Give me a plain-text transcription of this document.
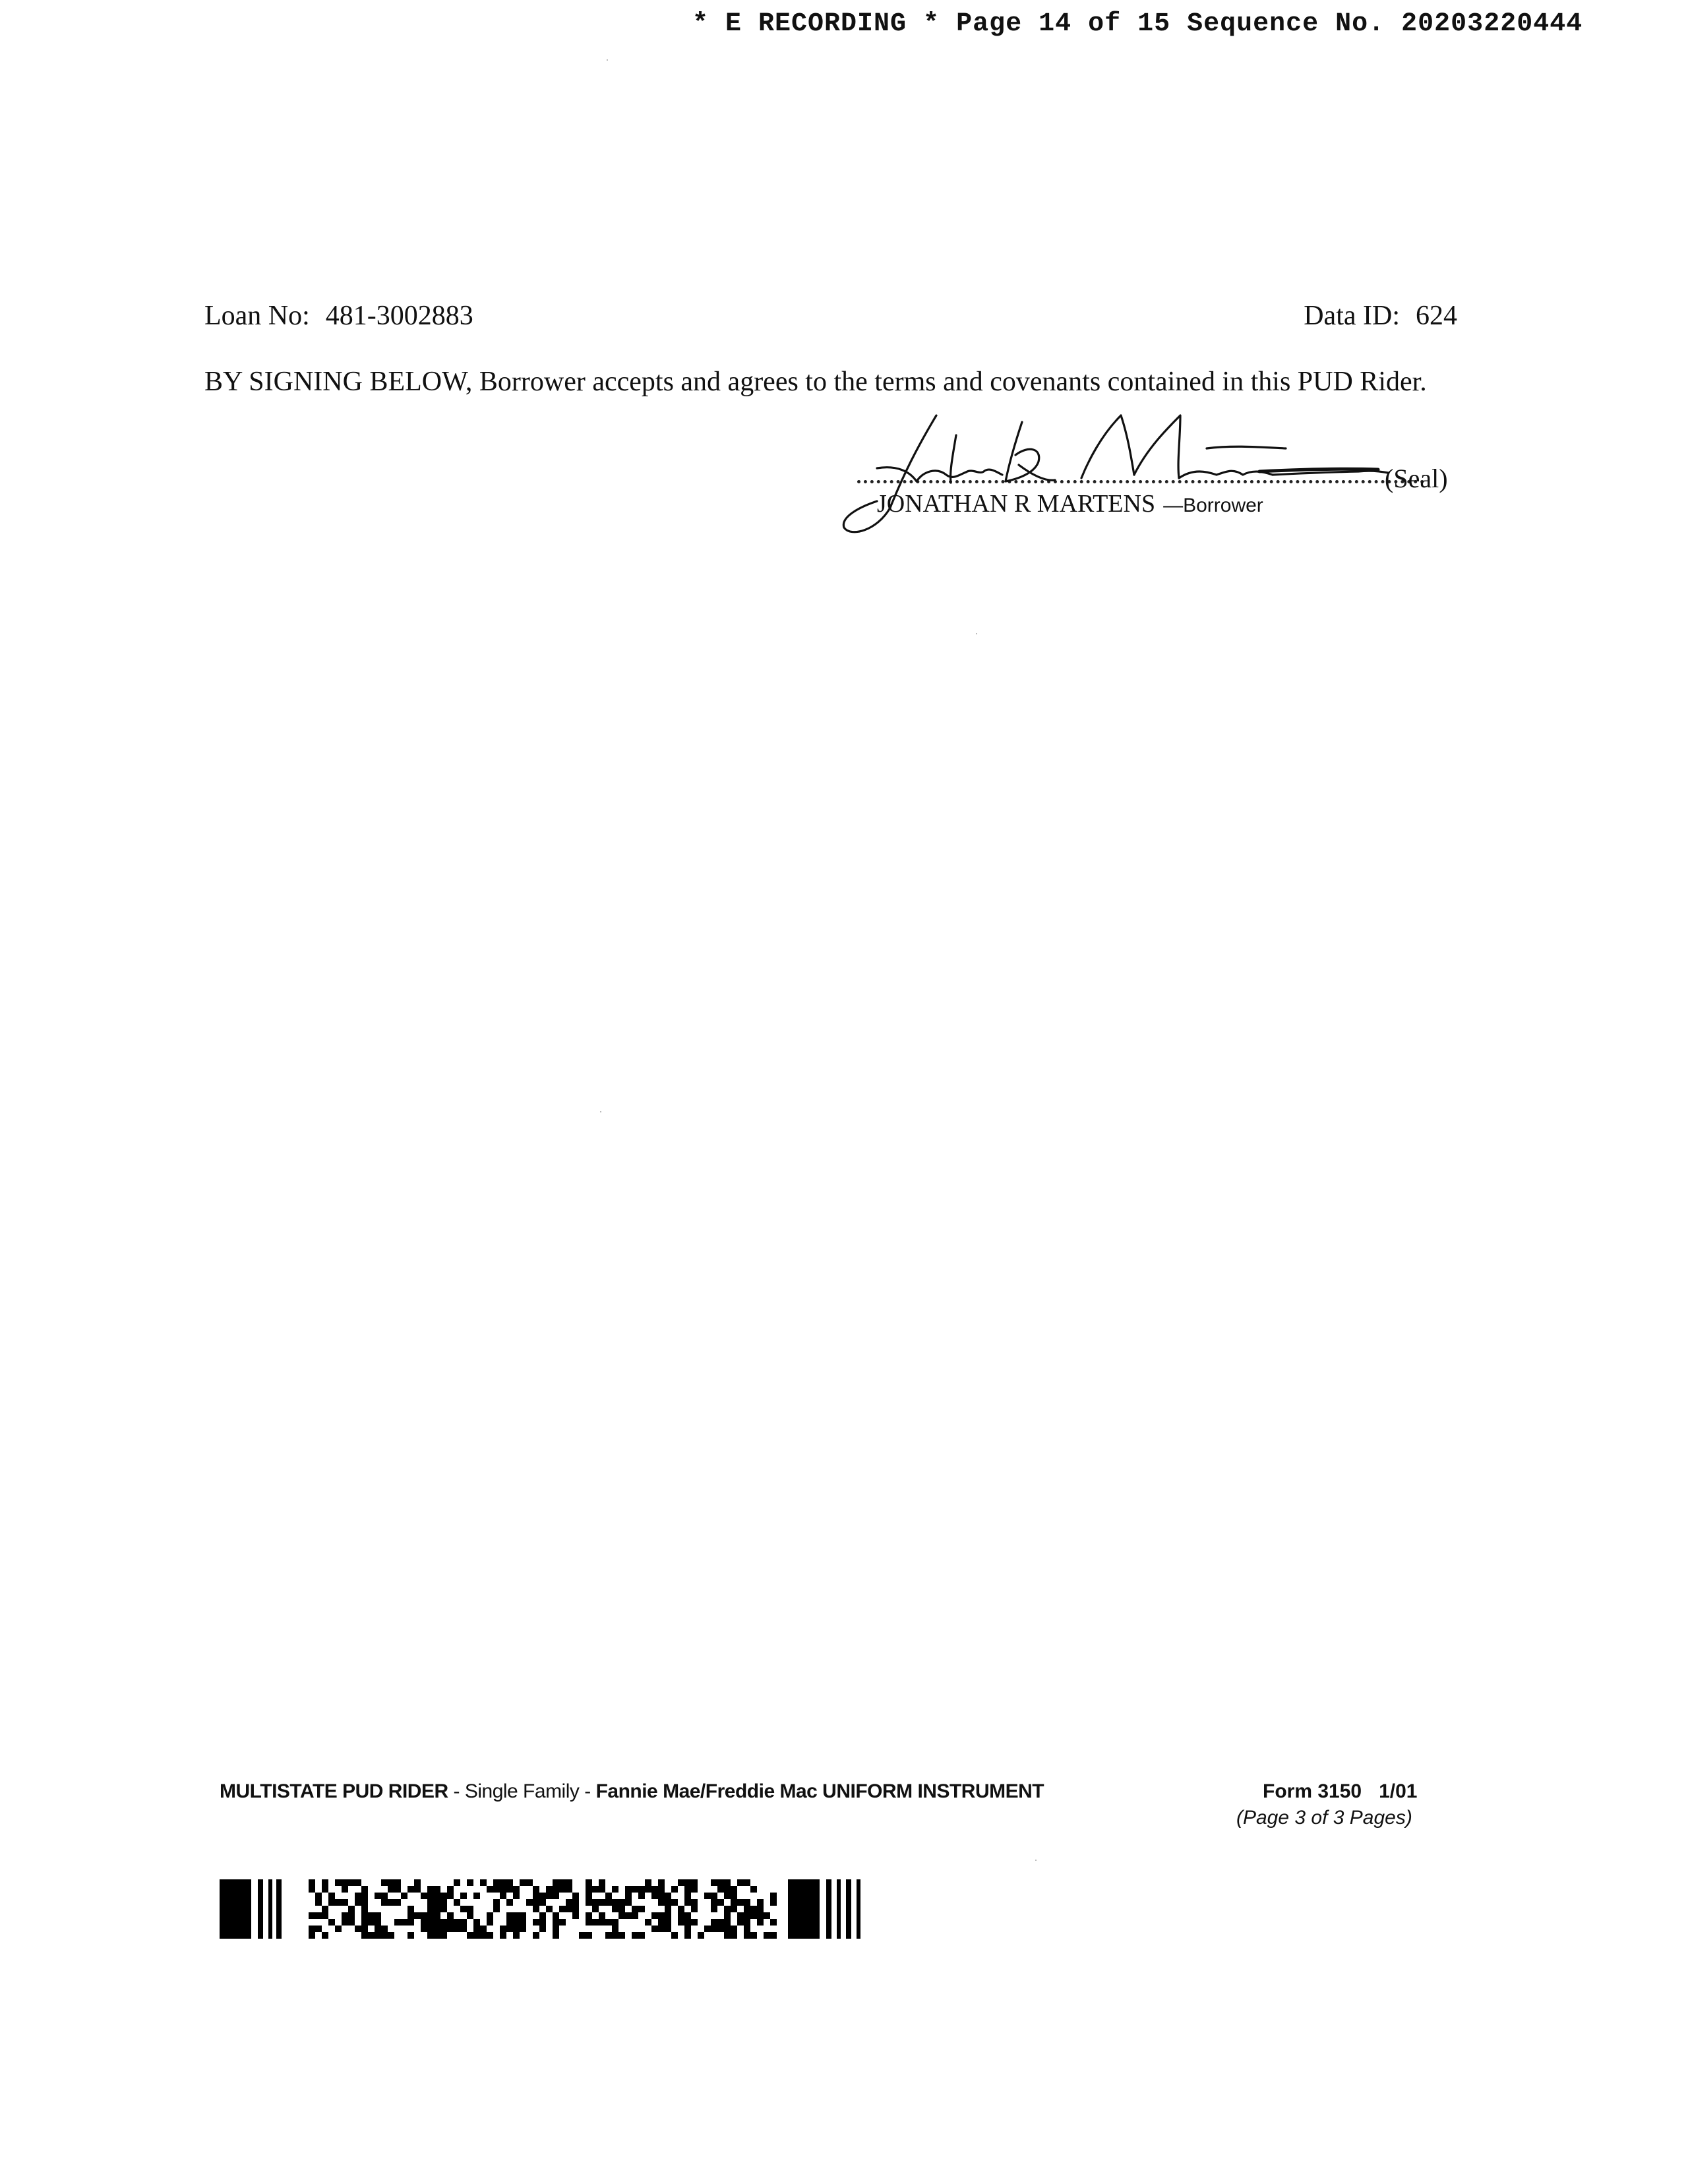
* E RECORDING * Page 14 of 15 Sequence No. 20203220444
Loan No: 481-3002883	Data ID: 624
BY SIGNING BELOW, Borrower accepts and agrees to the terms and covenants contained in this PUD Rider.
(Seal)
JONATHAN R MARTENS —Borrower
MULTISTATE PUD RIDER - Single Family - Fannie Mae/Freddie Mac UNIFORM INSTRUMENT	Form 3150 1/01
(Page 3 of 3 Pages)
